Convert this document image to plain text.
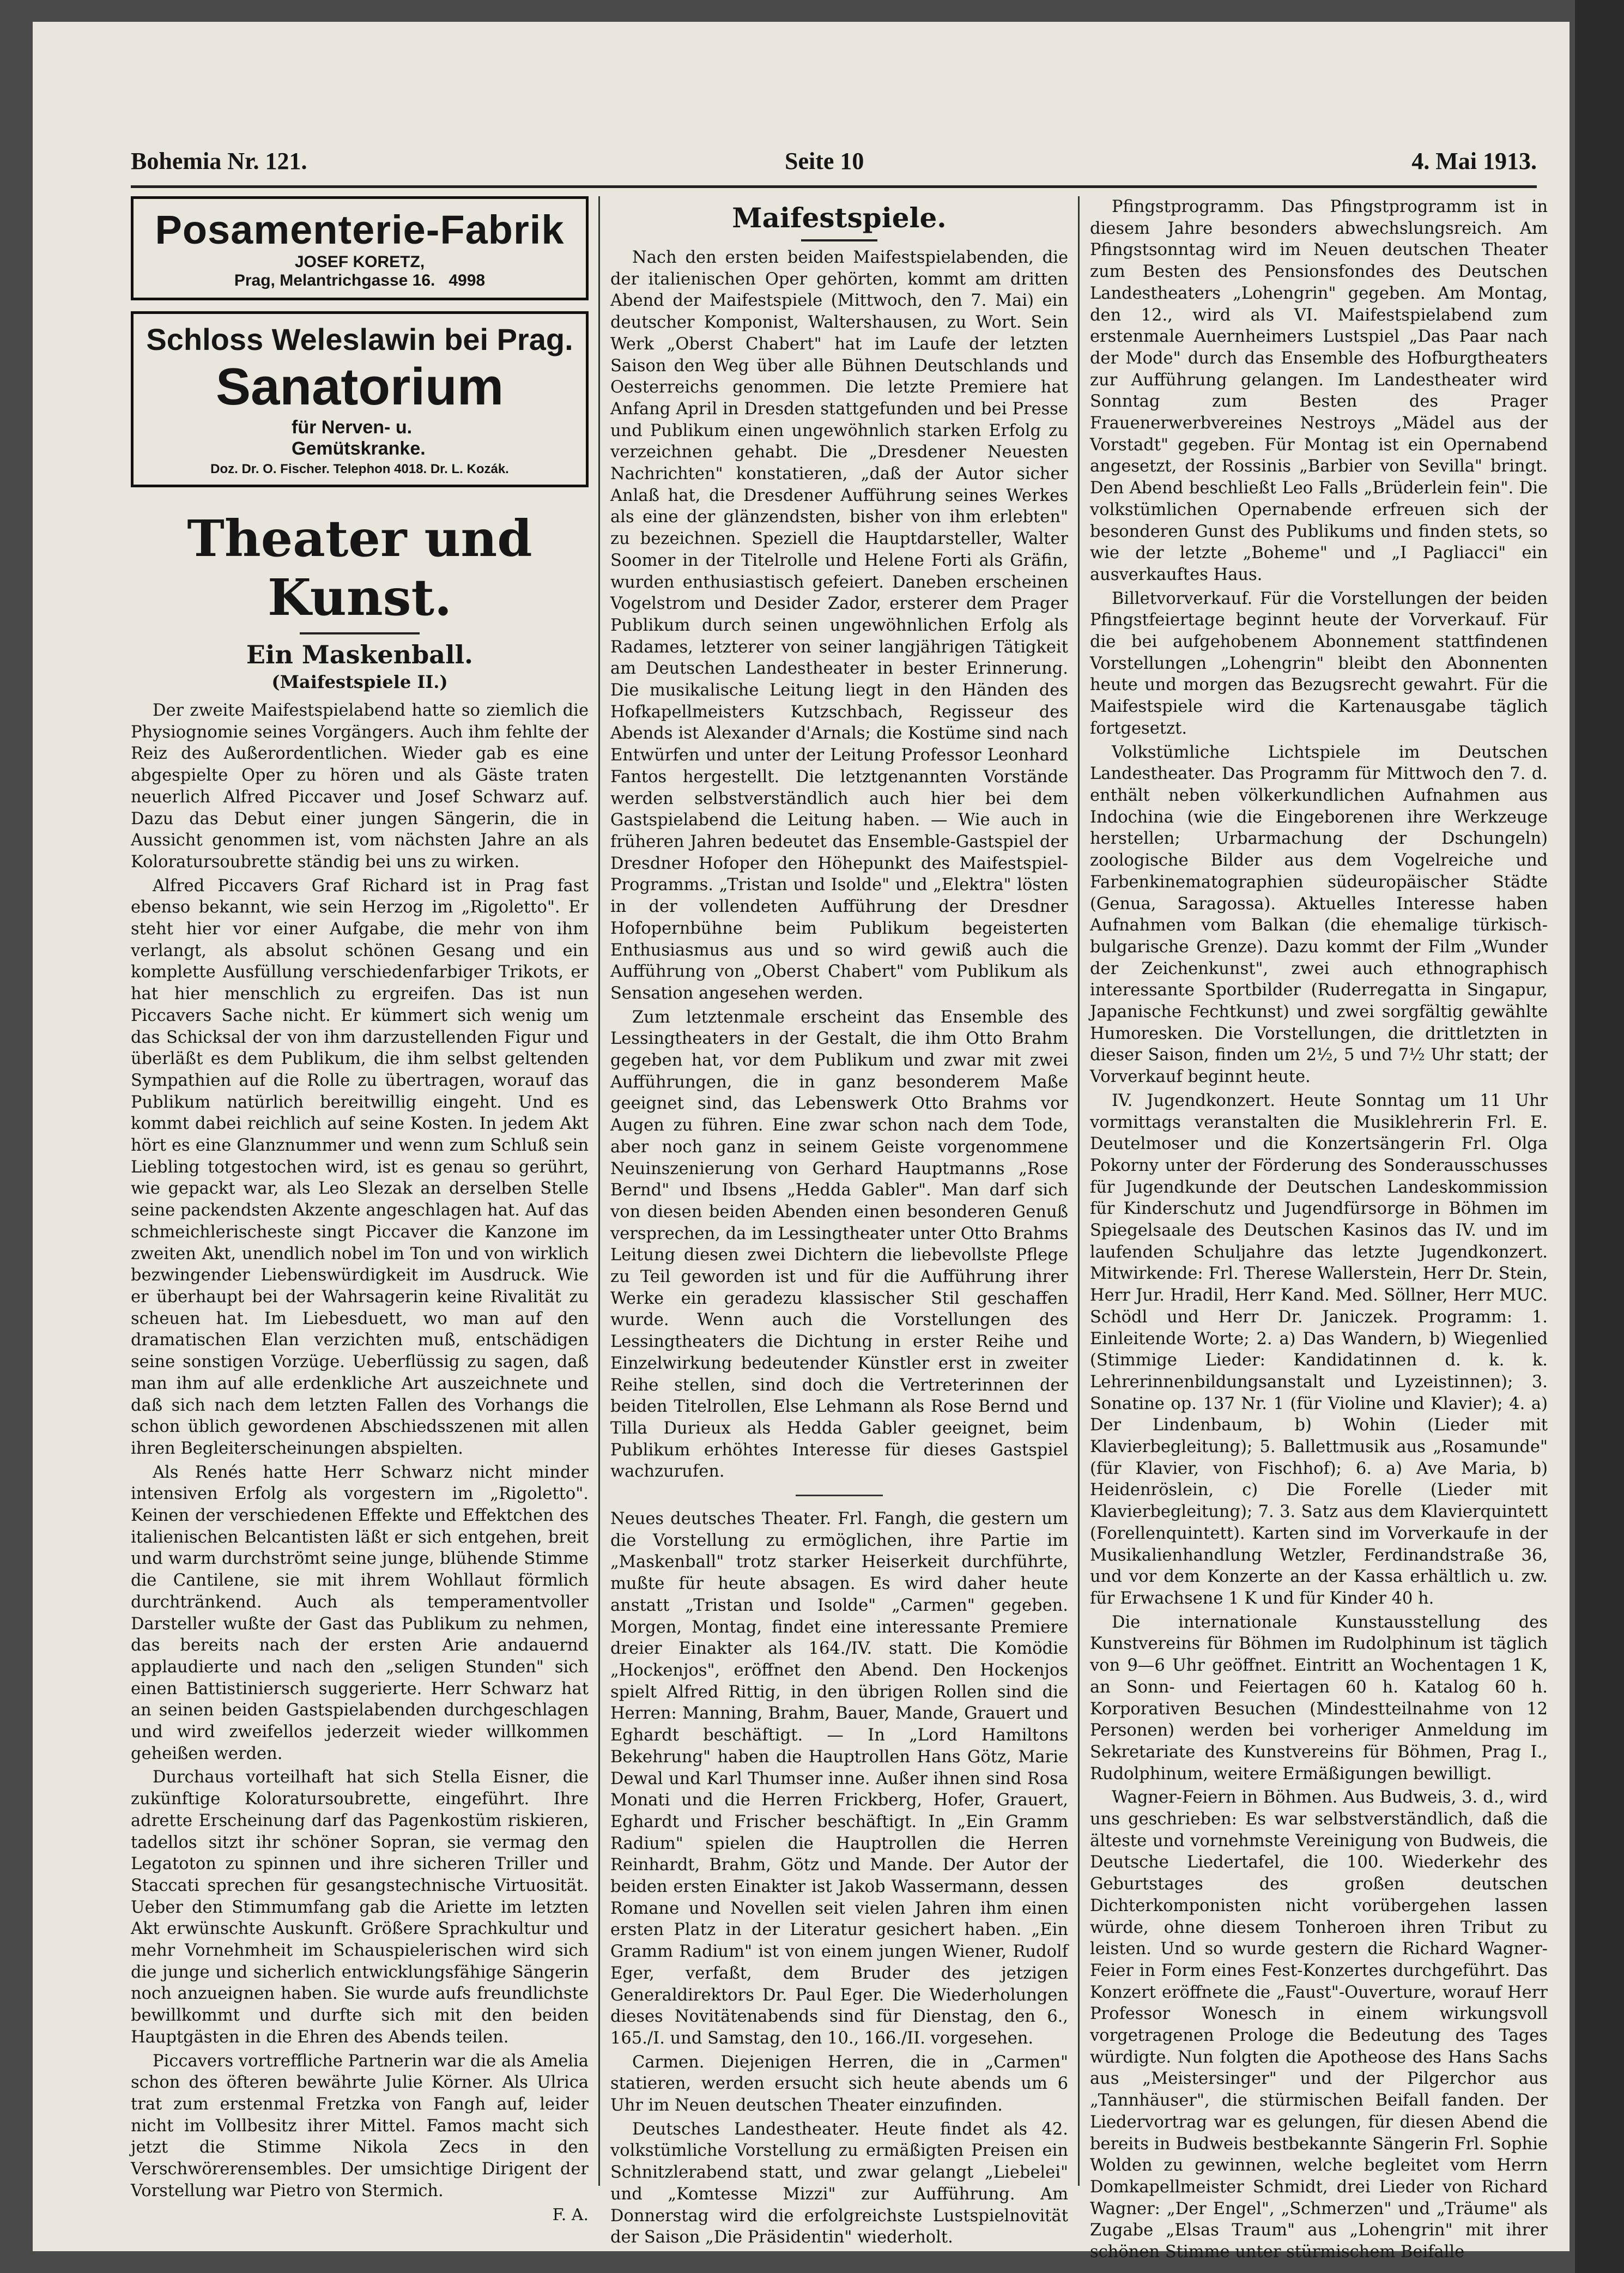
Bohemia Nr. 121.	Seite 10	4. Mai 1913.
Posamenterie-Fabrik
JOSEF KORETZ,
Prag, Melantrichgasse 16. 4998
Schloss Weleslawin bei Prag.
Sanatorium für Nerven- u. Gemütskranke.
Doz. Dr. O. Fischer. Telephon 4018. Dr. L. Kozák.
Theater und Kunst.
Ein Maskenball.
(Maifestspiele II.)

Der zweite Maifestspielabend hatte so ziemlich die Physiognomie seines Vorgängers. Auch ihm fehlte der Reiz des Außerordentlichen. Wieder gab es eine abgespielte Oper zu hören und als Gäste traten neuerlich Alfred Piccaver und Josef Schwarz auf. Dazu das Debut einer jungen Sängerin, die in Aussicht genommen ist, vom nächsten Jahre an als Koloratursoubrette ständig bei uns zu wirken.

Alfred Piccavers Graf Richard ist in Prag fast ebenso bekannt, wie sein Herzog im „Rigoletto". Er steht hier vor einer Aufgabe, die mehr von ihm verlangt, als absolut schönen Gesang und ein komplette Ausfüllung verschiedenfarbiger Trikots, er hat hier menschlich zu ergreifen. Das ist nun Piccavers Sache nicht. Er kümmert sich wenig um das Schicksal der von ihm darzustellenden Figur und überläßt es dem Publikum, die ihm selbst geltenden Sympathien auf die Rolle zu übertragen, worauf das Publikum natürlich bereitwillig eingeht. Und es kommt dabei reichlich auf seine Kosten. In jedem Akt hört es eine Glanznummer und wenn zum Schluß sein Liebling totgestochen wird, ist es genau so gerührt, wie gepackt war, als Leo Slezak an derselben Stelle seine packendsten Akzente angeschlagen hat. Auf das schmeichlerischeste singt Piccaver die Kanzone im zweiten Akt, unendlich nobel im Ton und von wirklich bezwingender Liebenswürdigkeit im Ausdruck. Wie er überhaupt bei der Wahrsagerin keine Rivalität zu scheuen hat. Im Liebesduett, wo man auf den dramatischen Elan verzichten muß, entschädigen seine sonstigen Vorzüge. Ueberflüssig zu sagen, daß man ihm auf alle erdenkliche Art auszeichnete und daß sich nach dem letzten Fallen des Vorhangs die schon üblich gewordenen Abschiedsszenen mit allen ihren Begleiterscheinungen abspielten.

Als Renés hatte Herr Schwarz nicht minder intensiven Erfolg als vorgestern im „Rigoletto". Keinen der verschiedenen Effekte und Effektchen des italienischen Belcantisten läßt er sich entgehen, breit und warm durchströmt seine junge, blühende Stimme die Cantilene, sie mit ihrem Wohllaut förmlich durchtränkend. Auch als temperamentvoller Darsteller wußte der Gast das Publikum zu nehmen, das bereits nach der ersten Arie andauernd applaudierte und nach den „seligen Stunden" sich einen Battistiniersch suggerierte. Herr Schwarz hat an seinen beiden Gastspielabenden durchgeschlagen und wird zweifellos jederzeit wieder willkommen geheißen werden.

Durchaus vorteilhaft hat sich Stella Eisner, die zukünftige Koloratursoubrette, eingeführt. Ihre adrette Erscheinung darf das Pagenkostüm riskieren, tadellos sitzt ihr schöner Sopran, sie vermag den Legatoton zu spinnen und ihre sicheren Triller und Staccati sprechen für gesangstechnische Virtuosität. Ueber den Stimmumfang gab die Ariette im letzten Akt erwünschte Auskunft. Größere Sprachkultur und mehr Vornehmheit im Schauspielerischen wird sich die junge und sicherlich entwicklungsfähige Sängerin noch anzueignen haben. Sie wurde aufs freundlichste bewillkommt und durfte sich mit den beiden Hauptgästen in die Ehren des Abends teilen.

Piccavers vortreffliche Partnerin war die als Amelia schon des öfteren bewährte Julie Körner. Als Ulrica trat zum erstenmal Fretzka von Fangh auf, leider nicht im Vollbesitz ihrer Mittel. Famos macht sich jetzt die Stimme Nikola Zecs in den Verschwörerensembles. Der umsichtige Dirigent der Vorstellung war Pietro von Stermich.

F. A.
Maifestspiele.

Nach den ersten beiden Maifestspielabenden, die der italienischen Oper gehörten, kommt am dritten Abend der Maifestspiele (Mittwoch, den 7. Mai) ein deutscher Komponist, Waltershausen, zu Wort. Sein Werk „Oberst Chabert" hat im Laufe der letzten Saison den Weg über alle Bühnen Deutschlands und Oesterreichs genommen. Die letzte Premiere hat Anfang April in Dresden stattgefunden und bei Presse und Publikum einen ungewöhnlich starken Erfolg zu verzeichnen gehabt. Die „Dresdener Neuesten Nachrichten" konstatieren, „daß der Autor sicher Anlaß hat, die Dresdener Aufführung seines Werkes als eine der glänzendsten, bisher von ihm erlebten" zu bezeichnen. Speziell die Hauptdarsteller, Walter Soomer in der Titelrolle und Helene Forti als Gräfin, wurden enthusiastisch gefeiert. Daneben erscheinen Vogelstrom und Desider Zador, ersterer dem Prager Publikum durch seinen ungewöhnlichen Erfolg als Radames, letzterer von seiner langjährigen Tätigkeit am Deutschen Landestheater in bester Erinnerung. Die musikalische Leitung liegt in den Händen des Hofkapellmeisters Kutzschbach, Regisseur des Abends ist Alexander d'Arnals; die Kostüme sind nach Entwürfen und unter der Leitung Professor Leonhard Fantos hergestellt. Die letztgenannten Vorstände werden selbstverständlich auch hier bei dem Gastspielabend die Leitung haben. — Wie auch in früheren Jahren bedeutet das Ensemble-Gastspiel der Dresdner Hofoper den Höhepunkt des Maifestspiel-Programms. „Tristan und Isolde" und „Elektra" lösten in der vollendeten Aufführung der Dresdner Hofopernbühne beim Publikum begeisterten Enthusiasmus aus und so wird gewiß auch die Aufführung von „Oberst Chabert" vom Publikum als Sensation angesehen werden.

Zum letztenmale erscheint das Ensemble des Lessingtheaters in der Gestalt, die ihm Otto Brahm gegeben hat, vor dem Publikum und zwar mit zwei Aufführungen, die in ganz besonderem Maße geeignet sind, das Lebenswerk Otto Brahms vor Augen zu führen. Eine zwar schon nach dem Tode, aber noch ganz in seinem Geiste vorgenommene Neuinszenierung von Gerhard Hauptmanns „Rose Bernd" und Ibsens „Hedda Gabler". Man darf sich von diesen beiden Abenden einen besonderen Genuß versprechen, da im Lessingtheater unter Otto Brahms Leitung diesen zwei Dichtern die liebevollste Pflege zu Teil geworden ist und für die Aufführung ihrer Werke ein geradezu klassischer Stil geschaffen wurde. Wenn auch die Vorstellungen des Lessingtheaters die Dichtung in erster Reihe und Einzelwirkung bedeutender Künstler erst in zweiter Reihe stellen, sind doch die Vertreterinnen der beiden Titelrollen, Else Lehmann als Rose Bernd und Tilla Durieux als Hedda Gabler geeignet, beim Publikum erhöhtes Interesse für dieses Gastspiel wachzurufen.

Neues deutsches Theater. Frl. Fangh, die gestern um die Vorstellung zu ermöglichen, ihre Partie im „Maskenball" trotz starker Heiserkeit durchführte, mußte für heute absagen. Es wird daher heute anstatt „Tristan und Isolde" „Carmen" gegeben. Morgen, Montag, findet eine interessante Premiere dreier Einakter als 164./IV. statt. Die Komödie „Hockenjos", eröffnet den Abend. Den Hockenjos spielt Alfred Rittig, in den übrigen Rollen sind die Herren: Manning, Brahm, Bauer, Mande, Grauert und Eghardt beschäftigt. — In „Lord Hamiltons Bekehrung" haben die Hauptrollen Hans Götz, Marie Dewal und Karl Thumser inne. Außer ihnen sind Rosa Monati und die Herren Frickberg, Hofer, Grauert, Eghardt und Frischer beschäftigt. In „Ein Gramm Radium" spielen die Hauptrollen die Herren Reinhardt, Brahm, Götz und Mande. Der Autor der beiden ersten Einakter ist Jakob Wassermann, dessen Romane und Novellen seit vielen Jahren ihm einen ersten Platz in der Literatur gesichert haben. „Ein Gramm Radium" ist von einem jungen Wiener, Rudolf Eger, verfaßt, dem Bruder des jetzigen Generaldirektors Dr. Paul Eger. Die Wiederholungen dieses Novitätenabends sind für Dienstag, den 6., 165./I. und Samstag, den 10., 166./II. vorgesehen.

Carmen. Diejenigen Herren, die in „Carmen" statieren, werden ersucht sich heute abends um 6 Uhr im Neuen deutschen Theater einzufinden.

Deutsches Landestheater. Heute findet als 42. volkstümliche Vorstellung zu ermäßigten Preisen ein Schnitzlerabend statt, und zwar gelangt „Liebelei" und „Komtesse Mizzi" zur Aufführung. Am Donnerstag wird die erfolgreichste Lustspielnovität der Saison „Die Präsidentin" wiederholt.

Pfingstprogramm. Das Pfingstprogramm ist in diesem Jahre besonders abwechslungsreich. Am Pfingstsonntag wird im Neuen deutschen Theater zum Besten des Pensionsfondes des Deutschen Landestheaters „Lohengrin" gegeben. Am Montag, den 12., wird als VI. Maifestspielabend zum erstenmale Auernheimers Lustspiel „Das Paar nach der Mode" durch das Ensemble des Hofburgtheaters zur Aufführung gelangen. Im Landestheater wird Sonntag zum Besten des Prager Frauenerwerbvereines Nestroys „Mädel aus der Vorstadt" gegeben. Für Montag ist ein Opernabend angesetzt, der Rossinis „Barbier von Sevilla" bringt. Den Abend beschließt Leo Falls „Brüderlein fein". Die volkstümlichen Opernabende erfreuen sich der besonderen Gunst des Publikums und finden stets, so wie der letzte „Boheme" und „I Pagliacci" ein ausverkauftes Haus.

Billetvorverkauf. Für die Vorstellungen der beiden Pfingstfeiertage beginnt heute der Vorverkauf. Für die bei aufgehobenem Abonnement stattfindenen Vorstellungen „Lohengrin" bleibt den Abonnenten heute und morgen das Bezugsrecht gewahrt. Für die Maifestspiele wird die Kartenausgabe täglich fortgesetzt.

Volkstümliche Lichtspiele im Deutschen Landestheater. Das Programm für Mittwoch den 7. d. enthält neben völkerkundlichen Aufnahmen aus Indochina (wie die Eingeborenen ihre Werkzeuge herstellen; Urbarmachung der Dschungeln) zoologische Bilder aus dem Vogelreiche und Farbenkinematographien südeuropäischer Städte (Genua, Saragossa). Aktuelles Interesse haben Aufnahmen vom Balkan (die ehemalige türkisch-bulgarische Grenze). Dazu kommt der Film „Wunder der Zeichenkunst", zwei auch ethnographisch interessante Sportbilder (Ruderregatta in Singapur, Japanische Fechtkunst) und zwei sorgfältig gewählte Humoresken. Die Vorstellungen, die drittletzten in dieser Saison, finden um 2½, 5 und 7½ Uhr statt; der Vorverkauf beginnt heute.

IV. Jugendkonzert. Heute Sonntag um 11 Uhr vormittags veranstalten die Musiklehrerin Frl. E. Deutelmoser und die Konzertsängerin Frl. Olga Pokorny unter der Förderung des Sonderausschusses für Jugendkunde der Deutschen Landeskommission für Kinderschutz und Jugendfürsorge in Böhmen im Spiegelsaale des Deutschen Kasinos das IV. und im laufenden Schuljahre das letzte Jugendkonzert. Mitwirkende: Frl. Therese Wallerstein, Herr Dr. Stein, Herr Jur. Hradil, Herr Kand. Med. Söllner, Herr MUC. Schödl und Herr Dr. Janiczek. Programm: 1. Einleitende Worte; 2. a) Das Wandern, b) Wiegenlied (Stimmige Lieder: Kandidatinnen d. k. k. Lehrerinnenbildungsanstalt und Lyzeistinnen); 3. Sonatine op. 137 Nr. 1 (für Violine und Klavier); 4. a) Der Lindenbaum, b) Wohin (Lieder mit Klavierbegleitung); 5. Ballettmusik aus „Rosamunde" (für Klavier, von Fischhof); 6. a) Ave Maria, b) Heidenröslein, c) Die Forelle (Lieder mit Klavierbegleitung); 7. 3. Satz aus dem Klavierquintett (Forellenquintett). Karten sind im Vorverkaufe in der Musikalienhandlung Wetzler, Ferdinandstraße 36, und vor dem Konzerte an der Kassa erhältlich u. zw. für Erwachsene 1 K und für Kinder 40 h.

Die internationale Kunstausstellung des Kunstvereins für Böhmen im Rudolphinum ist täglich von 9—6 Uhr geöffnet. Eintritt an Wochentagen 1 K, an Sonn- und Feiertagen 60 h. Katalog 60 h. Korporativen Besuchen (Mindestteilnahme von 12 Personen) werden bei vorheriger Anmeldung im Sekretariate des Kunstvereins für Böhmen, Prag I., Rudolphinum, weitere Ermäßigungen bewilligt.

Wagner-Feiern in Böhmen. Aus Budweis, 3. d., wird uns geschrieben: Es war selbstverständlich, daß die älteste und vornehmste Vereinigung von Budweis, die Deutsche Liedertafel, die 100. Wiederkehr des Geburtstages des großen deutschen Dichterkomponisten nicht vorübergehen lassen würde, ohne diesem Tonheroen ihren Tribut zu leisten. Und so wurde gestern die Richard Wagner-Feier in Form eines Fest-Konzertes durchgeführt. Das Konzert eröffnete die „Faust"-Ouverture, worauf Herr Professor Wonesch in einem wirkungsvoll vorgetragenen Prologe die Bedeutung des Tages würdigte. Nun folgten die Apotheose des Hans Sachs aus „Meistersinger" und der Pilgerchor aus „Tannhäuser", die stürmischen Beifall fanden. Der Liedervortrag war es gelungen, für diesen Abend die bereits in Budweis bestbekannte Sängerin Frl. Sophie Wolden zu gewinnen, welche begleitet vom Herrn Domkapellmeister Schmidt, drei Lieder von Richard Wagner: „Der Engel", „Schmerzen" und „Träume" als Zugabe „Elsas Traum" aus „Lohengrin" mit ihrer schönen Stimme unter stürmischem Beifalle
